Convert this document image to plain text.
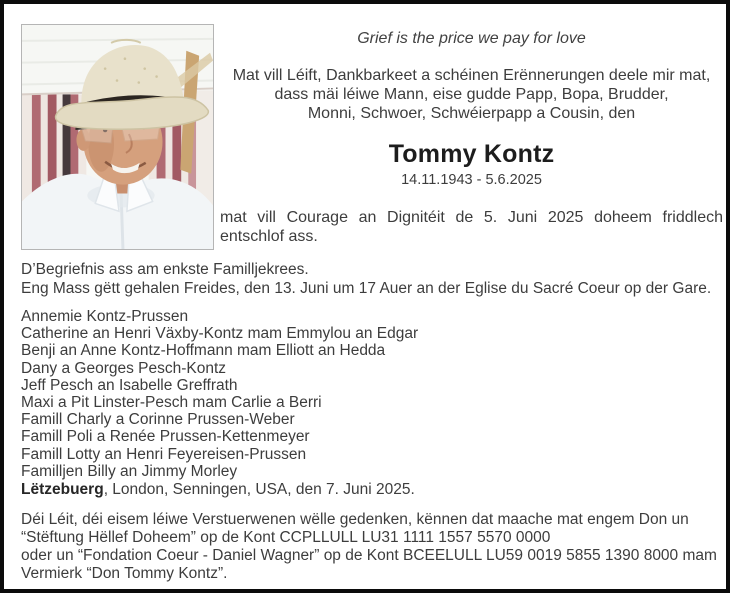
Grief is the price we pay for love
Mat vill Léift, Dankbarkeet a schéinen Erënnerungen deele mir mat,
dass mäi léiwe Mann, eise gudde Papp, Bopa, Brudder,
Monni, Schwoer, Schwéierpapp a Cousin, den
Tommy Kontz
14.11.1943 - 5.6.2025
mat vill Courage an Dignitéit de 5. Juni 2025 doheem friddlech entschlof ass.
D’Begriefnis ass am enkste Familljekrees.
Eng Mass gëtt gehalen Freides, den 13. Juni um 17 Auer an der Eglise du Sacré Coeur op der Gare.
Annemie Kontz-Prussen
Catherine an Henri Växby-Kontz mam Emmylou an Edgar
Benji an Anne Kontz-Hoffmann mam Elliott an Hedda
Dany a Georges Pesch-Kontz
Jeff Pesch an Isabelle Greffrath
Maxi a Pit Linster-Pesch mam Carlie a Berri
Famill Charly a Corinne Prussen-Weber
Famill Poli a Renée Prussen-Kettenmeyer
Famill Lotty an Henri Feyereisen-Prussen
Familljen Billy an Jimmy Morley
Lëtzebuerg, London, Senningen, USA, den 7. Juni 2025.
Déi Léit, déi eisem léiwe Verstuerwenen wëlle gedenken, kënnen dat maache mat engem Don un
“Stëftung Hëllef Doheem” op de Kont CCPLLULL LU31 1111 1557 5570 0000
oder un “Fondation Coeur - Daniel Wagner” op de Kont BCEELULL LU59 0019 5855 1390 8000 mam
Vermierk “Don Tommy Kontz”.
